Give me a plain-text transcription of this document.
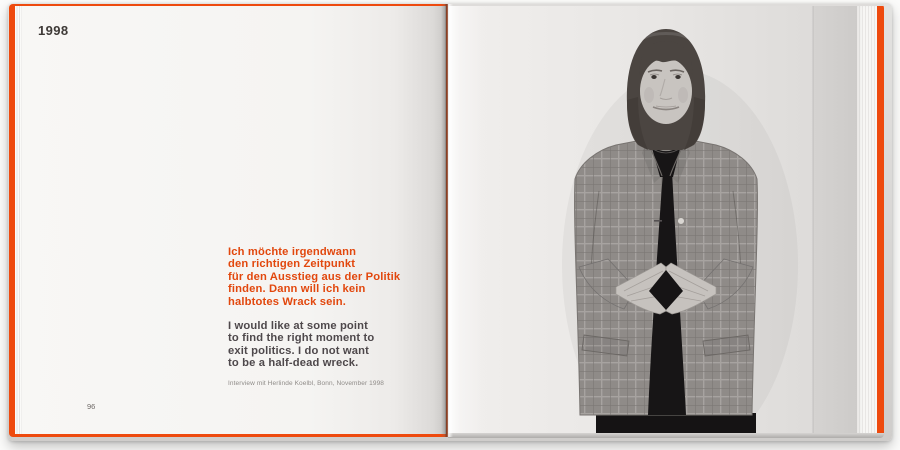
1998
Ich möchte irgendwann
den richtigen Zeitpunkt
für den Ausstieg aus der Politik
finden. Dann will ich kein
halbtotes Wrack sein.
I would like at some point
to find the right moment to
exit politics. I do not want
to be a half-dead wreck.
Interview mit Herlinde Koelbl, Bonn, November 1998
96
